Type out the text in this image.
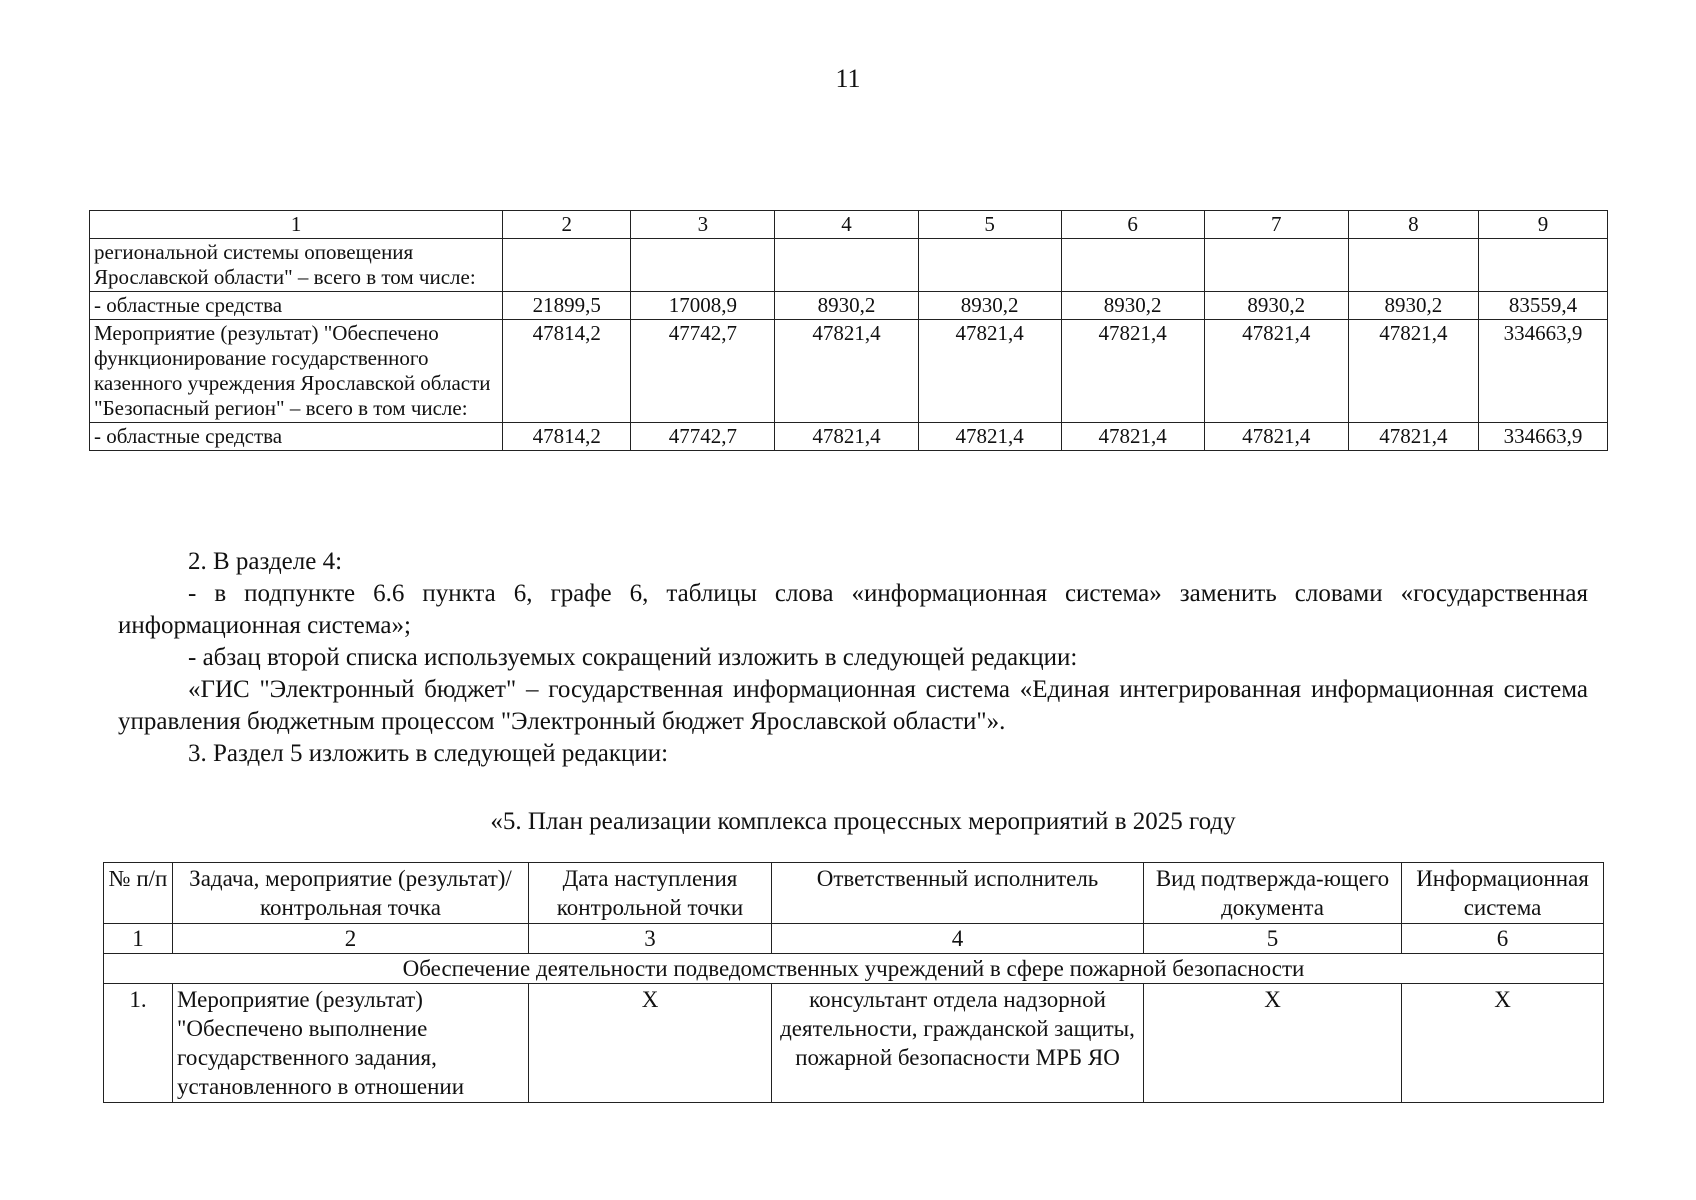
11
1	2	3	4	5	6	7	8	9
региональной системы оповещения Ярославской области" – всего в том числе:								
- областные средства	21899,5	17008,9	8930,2	8930,2	8930,2	8930,2	8930,2	83559,4
Мероприятие (результат) "Обеспечено функционирование государственного казенного учреждения Ярославской области "Безопасный регион" – всего в том числе:	47814,2	47742,7	47821,4	47821,4	47821,4	47821,4	47821,4	334663,9
- областные средства	47814,2	47742,7	47821,4	47821,4	47821,4	47821,4	47821,4	334663,9

2. В разделе 4:

- в подпункте 6.6 пункта 6, графе 6, таблицы слова «информационная система» заменить словами «государственная информационная система»;

- абзац второй списка используемых сокращений изложить в следующей редакции:

«ГИС "Электронный бюджет" – государственная информационная система «Единая интегрированная информационная система управления бюджетным процессом "Электронный бюджет Ярославской области"».

3. Раздел 5 изложить в следующей редакции:

«5. План реализации комплекса процессных мероприятий в 2025 году
№ п/п	Задача, мероприятие (результат)/ контрольная точка	Дата наступления контрольной точки	Ответственный исполнитель	Вид подтвержда-ющего документа	Информационная система
1	2	3	4	5	6
Обеспечение деятельности подведомственных учреждений в сфере пожарной безопасности					
1.	Мероприятие (результат) "Обеспечено выполнение государственного задания, установленного в отношении	Х	консультант отдела надзорной деятельности, гражданской защиты, пожарной безопасности МРБ ЯО	Х	Х
